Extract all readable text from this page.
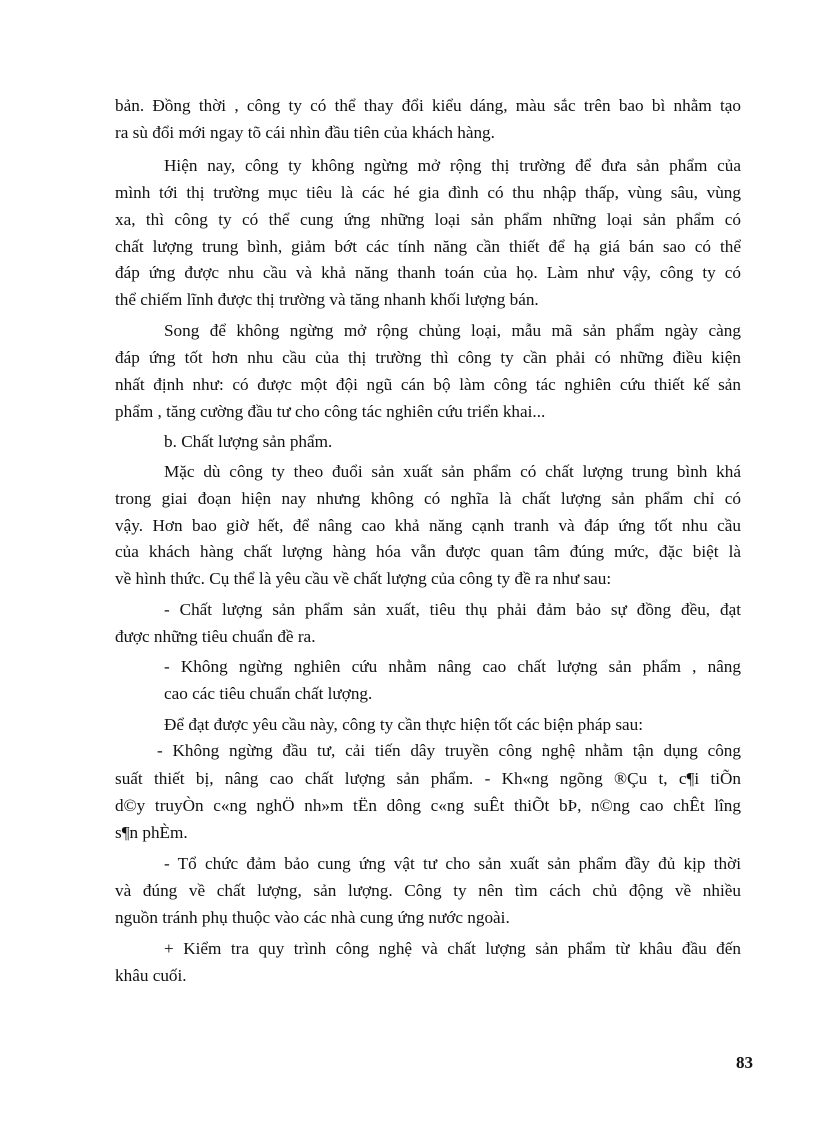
bản. Đồng thời , công ty có thể thay đổi kiểu dáng, màu sắc trên bao bì nhằm tạo
ra sù đổi mới ngay tõ cái nhìn đầu tiên của khách hàng.
Hiện nay, công ty không ngừng mở rộng thị trường để đưa sản phẩm của
mình tới thị trường mục tiêu là các hé gia đình có thu nhập thấp, vùng sâu, vùng
xa, thì công ty có thể cung ứng những loại sản phẩm những loại sản phẩm có
chất lượng trung bình, giảm bớt các tính năng cần thiết để hạ giá bán sao có thể
đáp ứng được nhu cầu và khả năng thanh toán của họ. Làm như vậy, công ty có
thể chiếm lĩnh được thị trường và tăng nhanh khối lượng bán.
Song để không ngừng mở rộng chủng loại, mẫu mã sản phẩm ngày càng
đáp ứng tốt hơn nhu cầu của thị trường thì công ty cần phải có những điều kiện
nhất định như: có được một đội ngũ cán bộ làm công tác nghiên cứu thiết kế sản
phẩm , tăng cường đầu tư cho công tác nghiên cứu triển khai...
b. Chất lượng sản phẩm.
Mặc dù công ty theo đuổi sản xuất sản phẩm có chất lượng trung bình khá
trong giai đoạn hiện nay nhưng không có nghĩa là chất lượng sản phẩm chỉ có
vậy. Hơn bao giờ hết, để nâng cao khả năng cạnh tranh và đáp ứng tốt nhu cầu
của khách hàng chất lượng hàng hóa vẫn được quan tâm đúng mức, đặc biệt là
về hình thức. Cụ thể là yêu cầu về chất lượng của công ty đề ra như sau:
- Chất lượng sản phẩm sản xuất, tiêu thụ phải đảm bảo sự đồng đều, đạt
được những tiêu chuẩn đề ra.
- Không ngừng nghiên cứu nhằm nâng cao chất lượng sản phẩm , nâng
cao các tiêu chuẩn chất lượng.
Để đạt được yêu cầu này, công ty cần thực hiện tốt các biện pháp sau:
- Không ngừng đầu tư, cải tiến dây truyền công nghệ nhằm tận dụng công
suất thiết bị, nâng cao chất lượng sản phẩm. - Kh«ng ngõng ®Çu t, c¶i tiÕn
d©y truyÒn c«ng nghÖ nh»m tËn dông c«ng suÊt thiÕt bÞ, n©ng cao chÊt lîng
s¶n phÈm.
- Tổ chức đảm bảo cung ứng vật tư cho sản xuất sản phẩm đầy đủ kịp thời
và đúng về chất lượng, sản lượng. Công ty nên tìm cách chủ động về nhiều
nguồn tránh phụ thuộc vào các nhà cung ứng nước ngoài.
+ Kiểm tra quy trình công nghệ và chất lượng sản phẩm từ khâu đầu đến
khâu cuối.
83
